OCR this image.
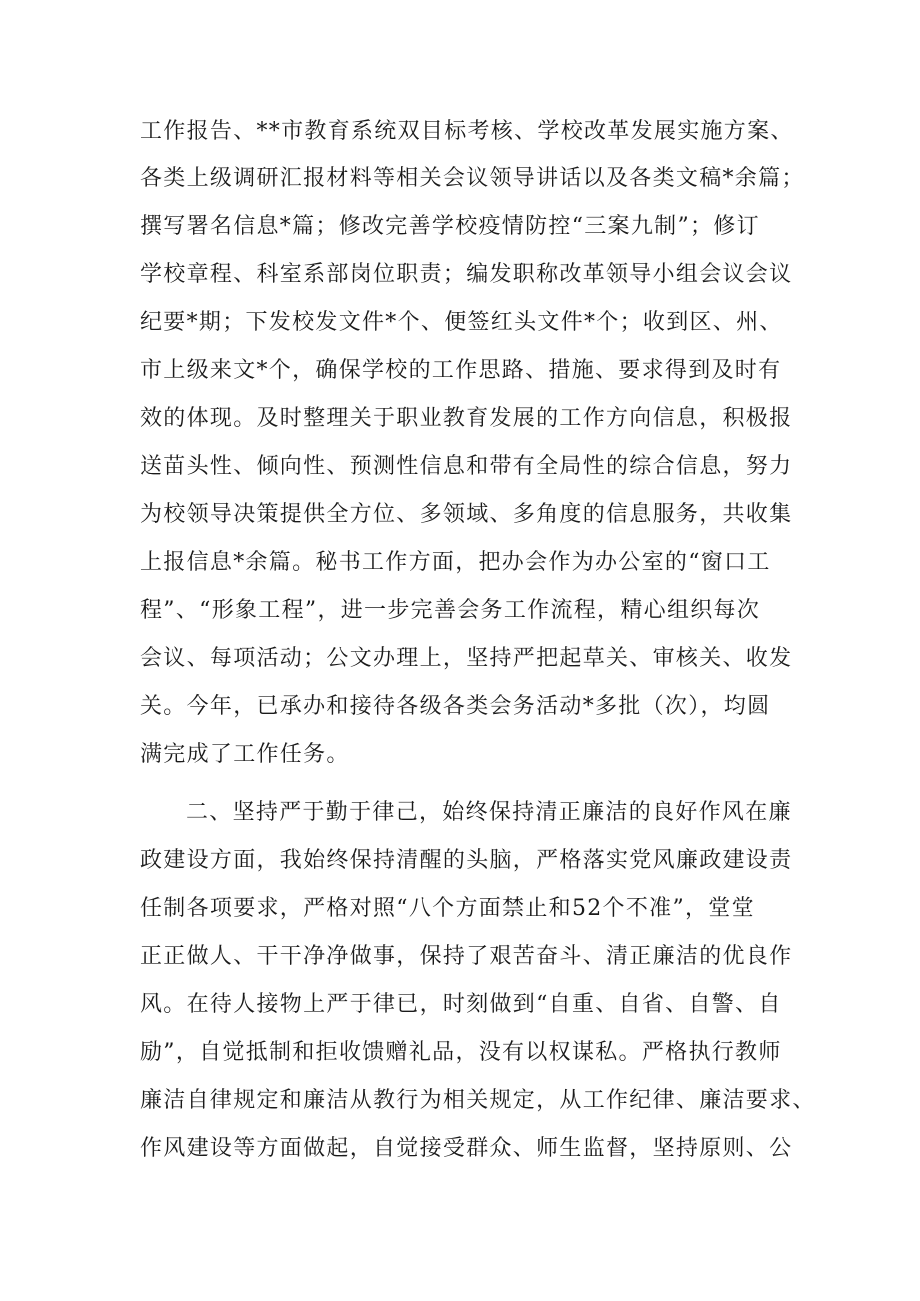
工作报告、**市教育系统双目标考核、学校改革发展实施方案、
各类上级调研汇报材料等相关会议领导讲话以及各类文稿*余篇；
撰写署名信息*篇；修改完善学校疫情防控“三案九制”；修订
学校章程、科室系部岗位职责；编发职称改革领导小组会议会议
纪要*期；下发校发文件*个、便签红头文件*个；收到区、州、
市上级来文*个，确保学校的工作思路、措施、要求得到及时有
效的体现。及时整理关于职业教育发展的工作方向信息，积极报
送苗头性、倾向性、预测性信息和带有全局性的综合信息，努力
为校领导决策提供全方位、多领域、多角度的信息服务，共收集
上报信息*余篇。秘书工作方面，把办会作为办公室的“窗口工
程”、“形象工程”，进一步完善会务工作流程，精心组织每次
会议、每项活动；公文办理上，坚持严把起草关、审核关、收发
关。今年，已承办和接待各级各类会务活动*多批（次），均圆
满完成了工作任务。
二、坚持严于勤于律己，始终保持清正廉洁的良好作风在廉
政建设方面，我始终保持清醒的头脑，严格落实党风廉政建设责
任制各项要求，严格对照“八个方面禁止和52个不准”，堂堂
正正做人、干干净净做事，保持了艰苦奋斗、清正廉洁的优良作
风。在待人接物上严于律已，时刻做到“自重、自省、自警、自
励”，自觉抵制和拒收馈赠礼品，没有以权谋私。严格执行教师
廉洁自律规定和廉洁从教行为相关规定，从工作纪律、廉洁要求、
作风建设等方面做起，自觉接受群众、师生监督，坚持原则、公
